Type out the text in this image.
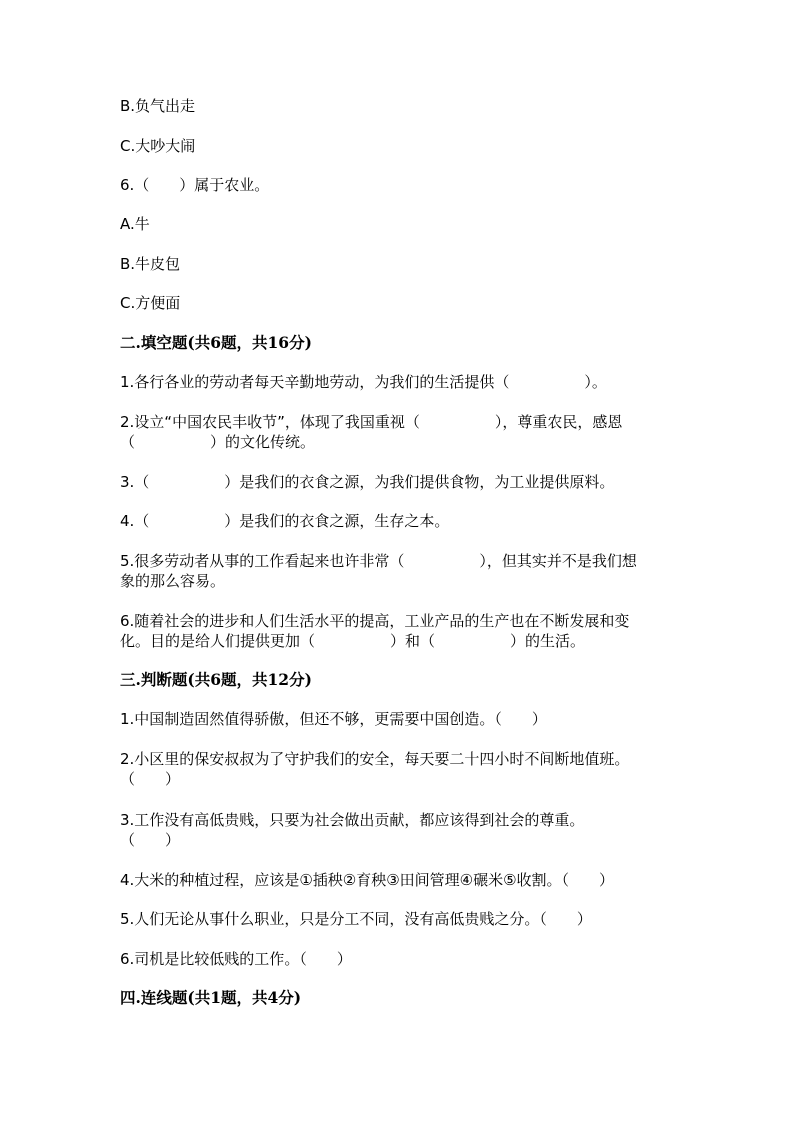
B.负气出走
C.大吵大闹
6.（　　）属于农业。
A.牛
B.牛皮包
C.方便面
二.填空题(共6题，共16分)
1.各行各业的劳动者每天辛勤地劳动，为我们的生活提供（　　　　　）。
2.设立“中国农民丰收节”，体现了我国重视（　　　　　），尊重农民，感恩
（　　　　　）的文化传统。
3.（　　　　　）是我们的衣食之源，为我们提供食物，为工业提供原料。
4.（　　　　　）是我们的衣食之源，生存之本。
5.很多劳动者从事的工作看起来也许非常（　　　　　），但其实并不是我们想
象的那么容易。
6.随着社会的进步和人们生活水平的提高，工业产品的生产也在不断发展和变
化。目的是给人们提供更加（　　　　　）和（　　　　　）的生活。
三.判断题(共6题，共12分)
1.中国制造固然值得骄傲，但还不够，更需要中国创造。（　　）
2.小区里的保安叔叔为了守护我们的安全，每天要二十四小时不间断地值班。
（　　）
3.工作没有高低贵贱，只要为社会做出贡献，都应该得到社会的尊重。
（　　）
4.大米的种植过程，应该是①插秧②育秧③田间管理④碾米⑤收割。（　　）
5.人们无论从事什么职业，只是分工不同，没有高低贵贱之分。（　　）
6.司机是比较低贱的工作。（　　）
四.连线题(共1题，共4分)
